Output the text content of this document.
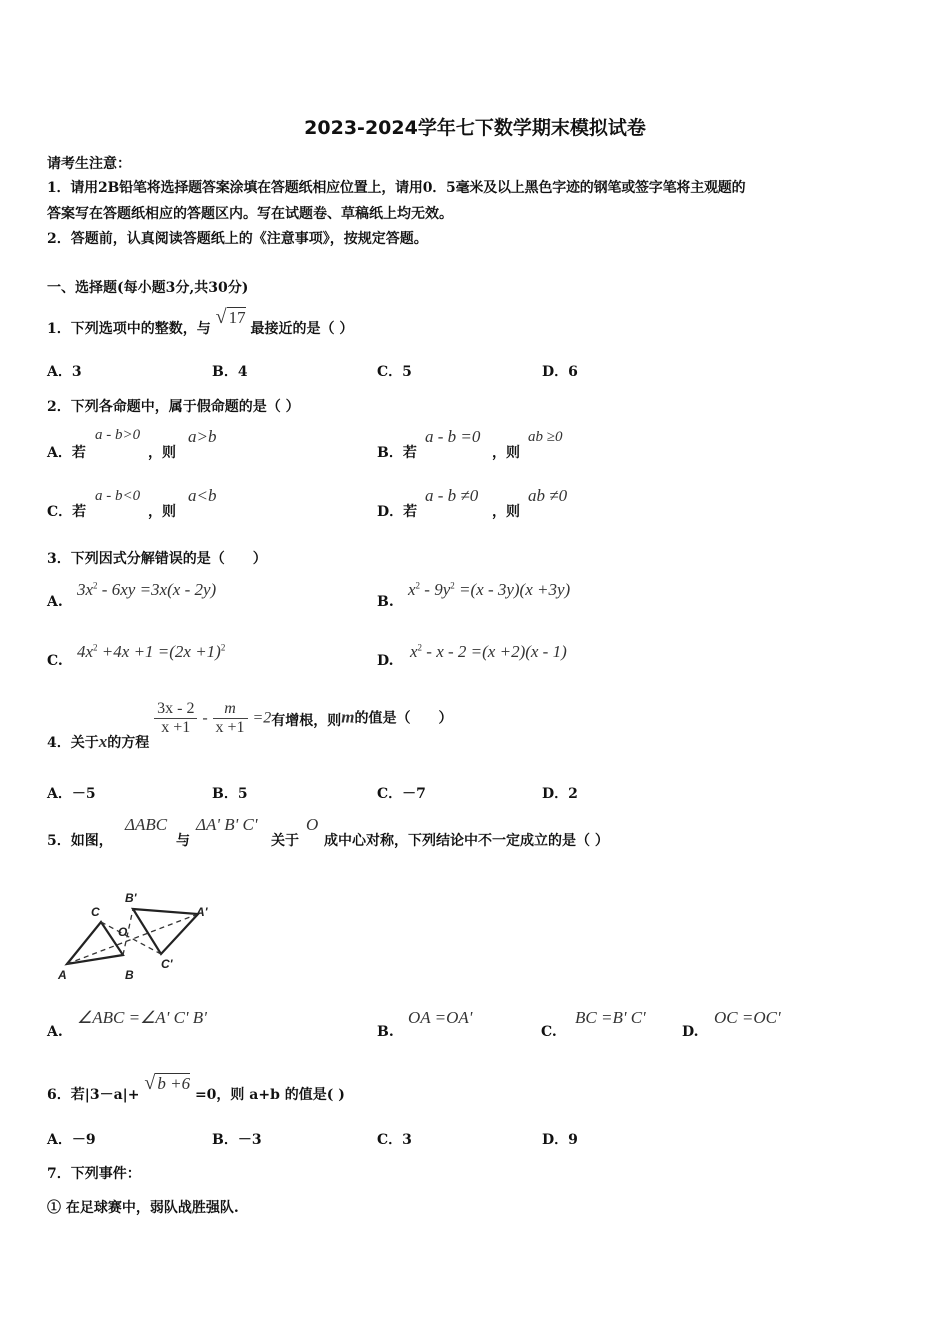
2023-2024学年七下数学期末模拟试卷
请考生注意：
1．请用2B铅笔将选择题答案涂填在答题纸相应位置上，请用0．5毫米及以上黑色字迹的钢笔或签字笔将主观题的
答案写在答题纸相应的答题区内。写在试题卷、草稿纸上均无效。
2．答题前，认真阅读答题纸上的《注意事项》，按规定答题。
一、选择题(每小题3分,共30分)
1．下列选项中的整数，与 √ 17 最接近的是（ ）
A．3	B．4	C．5	D．6
2．下列各命题中，属于假命题的是（ ）
A．若
a - b>0
，则
a>b
B．若
a - b =0
，则
ab ≥0
C．若
a - b<0
，则
a<b
D．若
a - b ≠0
，则
ab ≠0
3．下列因式分解错误的是（　　）
A.
$3x^2 - 6xy =3x(x - 2y)$
B.
$x^2 - 9y^2 =(x - 3y)(x +3y)$
C. $4x^2 +4x +1 =(2x +1)^2$
D. $x^2 - x - 2 =(x +2)(x - 1)$
4．关于x的方程
$\frac{3x - 2}{x +1} - \frac{m}{x +1} =2$有增根，则m的值是（　　）
A．－5	B．5	C．－7	D．2
5．如图，
ΔABC
与
ΔA' B' C'
关于
O
成中心对称，下列结论中不一定成立的是（ ）
A	B
C
O
A'
B'
C'
A.
∠ABC =∠A' C' B'
B.
OA =OA'
C.
BC =B' C'
D.
OC =OC'
6．若|3－a|+ √ b +6 =0，则 a+b 的值是( )
A．－9	B．－3	C．3	D．9
7．下列事件：
① 在足球赛中，弱队战胜强队.
